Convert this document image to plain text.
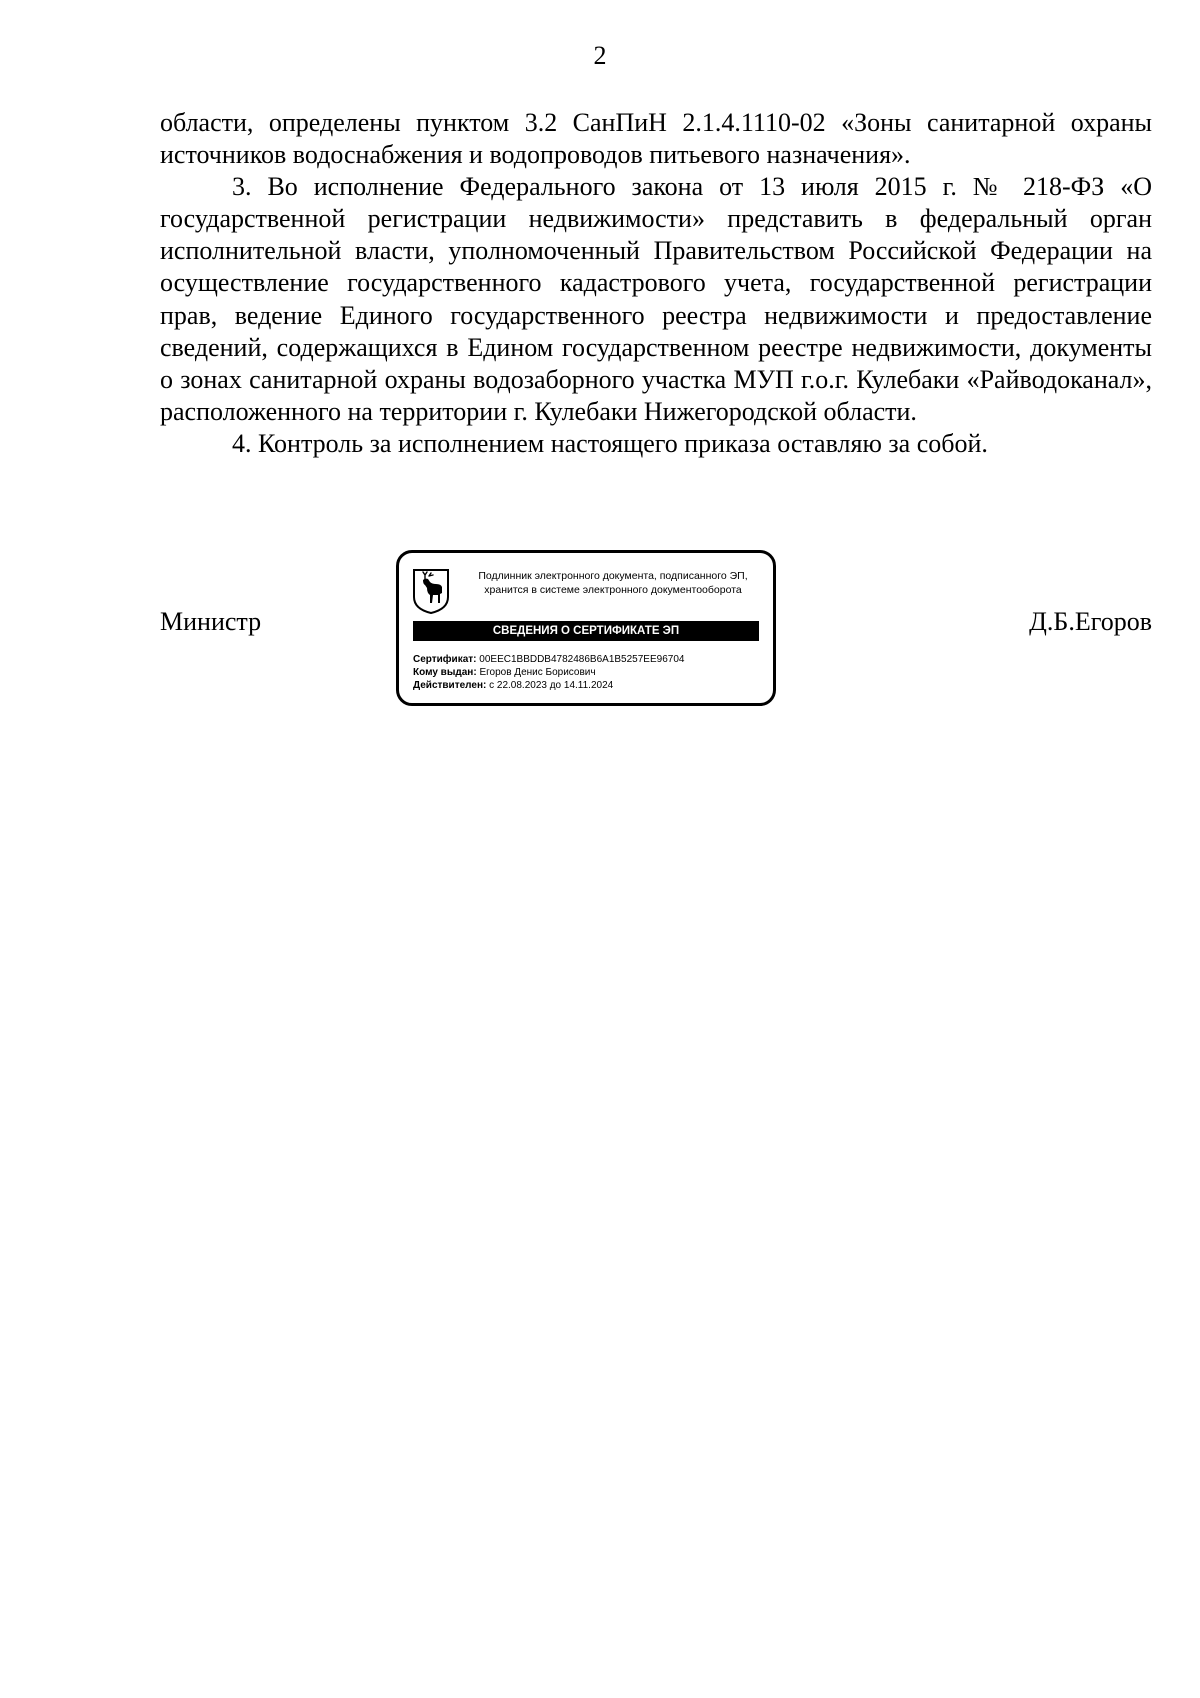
2

области, определены пунктом 3.2 СанПиН 2.1.4.1110-02 «Зоны санитарной охраны источников водоснабжения и водопроводов питьевого назначения».

3. Во исполнение Федерального закона от 13 июля 2015 г. № 218-ФЗ «О государственной регистрации недвижимости» представить в федеральный орган исполнительной власти, уполномоченный Правительством Российской Федерации на осуществление государственного кадастрового учета, государственной регистрации прав, ведение Единого государственного реестра недвижимости и предоставление сведений, содержащихся в Едином государственном реестре недвижимости, документы о зонах санитарной охраны водозаборного участка МУП г.о.г. Кулебаки «Райводоканал», расположенного на территории г. Кулебаки Нижегородской области.

4. Контроль за исполнением настоящего приказа оставляю за собой.

Министр
Подлинник электронного документа, подписанного ЭП,
хранится в системе электронного документооборота
СВЕДЕНИЯ О СЕРТИФИКАТЕ ЭП
Сертификат: 00EEC1BBDDB4782486B6A1B5257EE96704
Кому выдан: Егоров Денис Борисович
Действителен: с 22.08.2023 до 14.11.2024
Д.Б.Егоров
